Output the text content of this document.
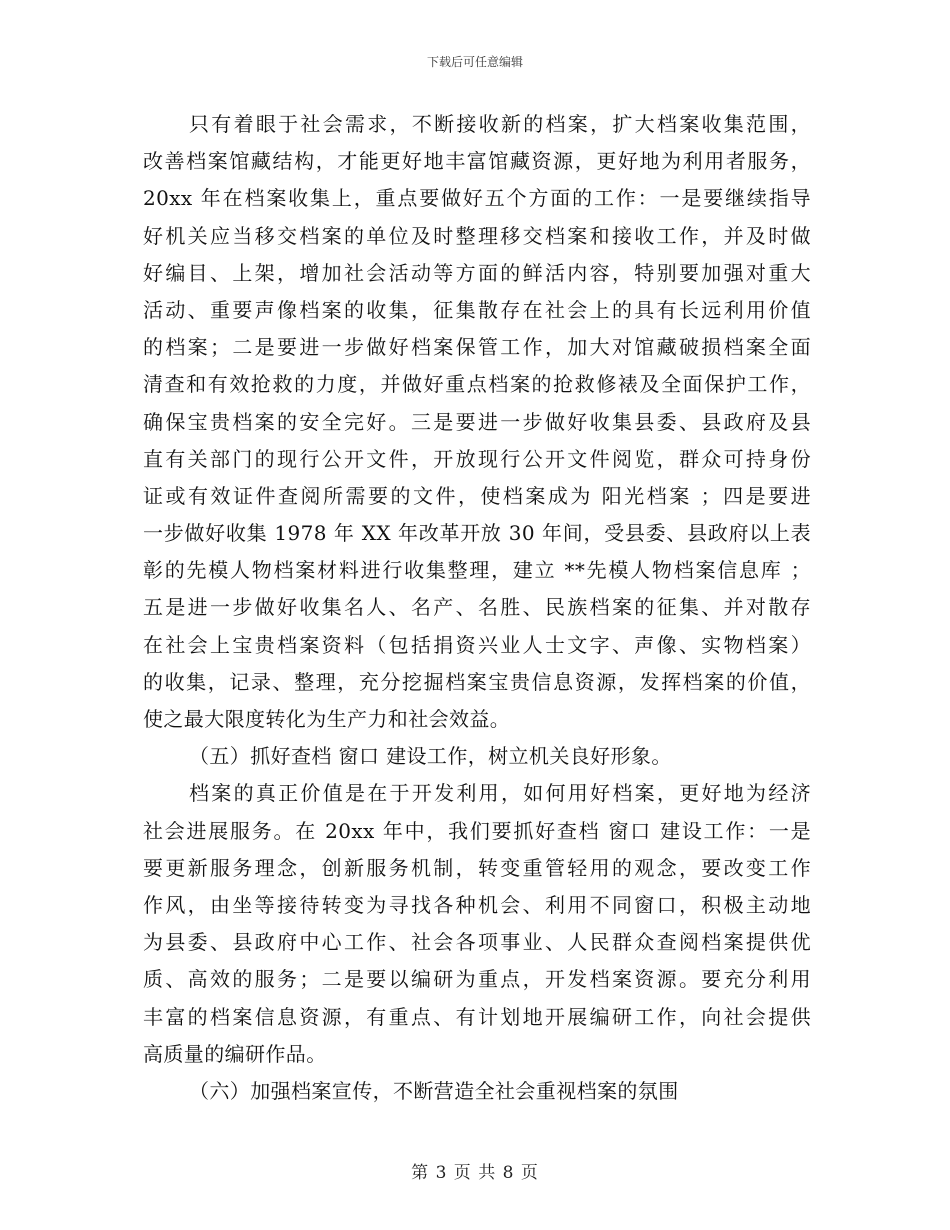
下载后可任意编辑
只有着眼于社会需求，不断接收新的档案，扩大档案收集范围，
改善档案馆藏结构，才能更好地丰富馆藏资源，更好地为利用者服务，
20xx 年在档案收集上，重点要做好五个方面的工作：一是要继续指导
好机关应当移交档案的单位及时整理移交档案和接收工作，并及时做
好编目、上架，增加社会活动等方面的鲜活内容，特别要加强对重大
活动、重要声像档案的收集，征集散存在社会上的具有长远利用价值
的档案；二是要进一步做好档案保管工作，加大对馆藏破损档案全面
清查和有效抢救的力度，并做好重点档案的抢救修裱及全面保护工作，
确保宝贵档案的安全完好。三是要进一步做好收集县委、县政府及县
直有关部门的现行公开文件，开放现行公开文件阅览，群众可持身份
证或有效证件查阅所需要的文件，使档案成为 阳光档案 ；四是要进
一步做好收集 1978 年 XX 年改革开放 30 年间，受县委、县政府以上表
彰的先模人物档案材料进行收集整理，建立 **先模人物档案信息库 ；
五是进一步做好收集名人、名产、名胜、民族档案的征集、并对散存
在社会上宝贵档案资料（包括捐资兴业人士文字、声像、实物档案）
的收集，记录、整理，充分挖掘档案宝贵信息资源，发挥档案的价值，
使之最大限度转化为生产力和社会效益。
（五）抓好查档 窗口 建设工作，树立机关良好形象。
档案的真正价值是在于开发利用，如何用好档案，更好地为经济
社会进展服务。在 20xx 年中，我们要抓好查档 窗口 建设工作：一是
要更新服务理念，创新服务机制，转变重管轻用的观念，要改变工作
作风，由坐等接待转变为寻找各种机会、利用不同窗口，积极主动地
为县委、县政府中心工作、社会各项事业、人民群众查阅档案提供优
质、高效的服务；二是要以编研为重点，开发档案资源。要充分利用
丰富的档案信息资源，有重点、有计划地开展编研工作，向社会提供
高质量的编研作品。
（六）加强档案宣传，不断营造全社会重视档案的氛围
第 3 页 共 8 页
